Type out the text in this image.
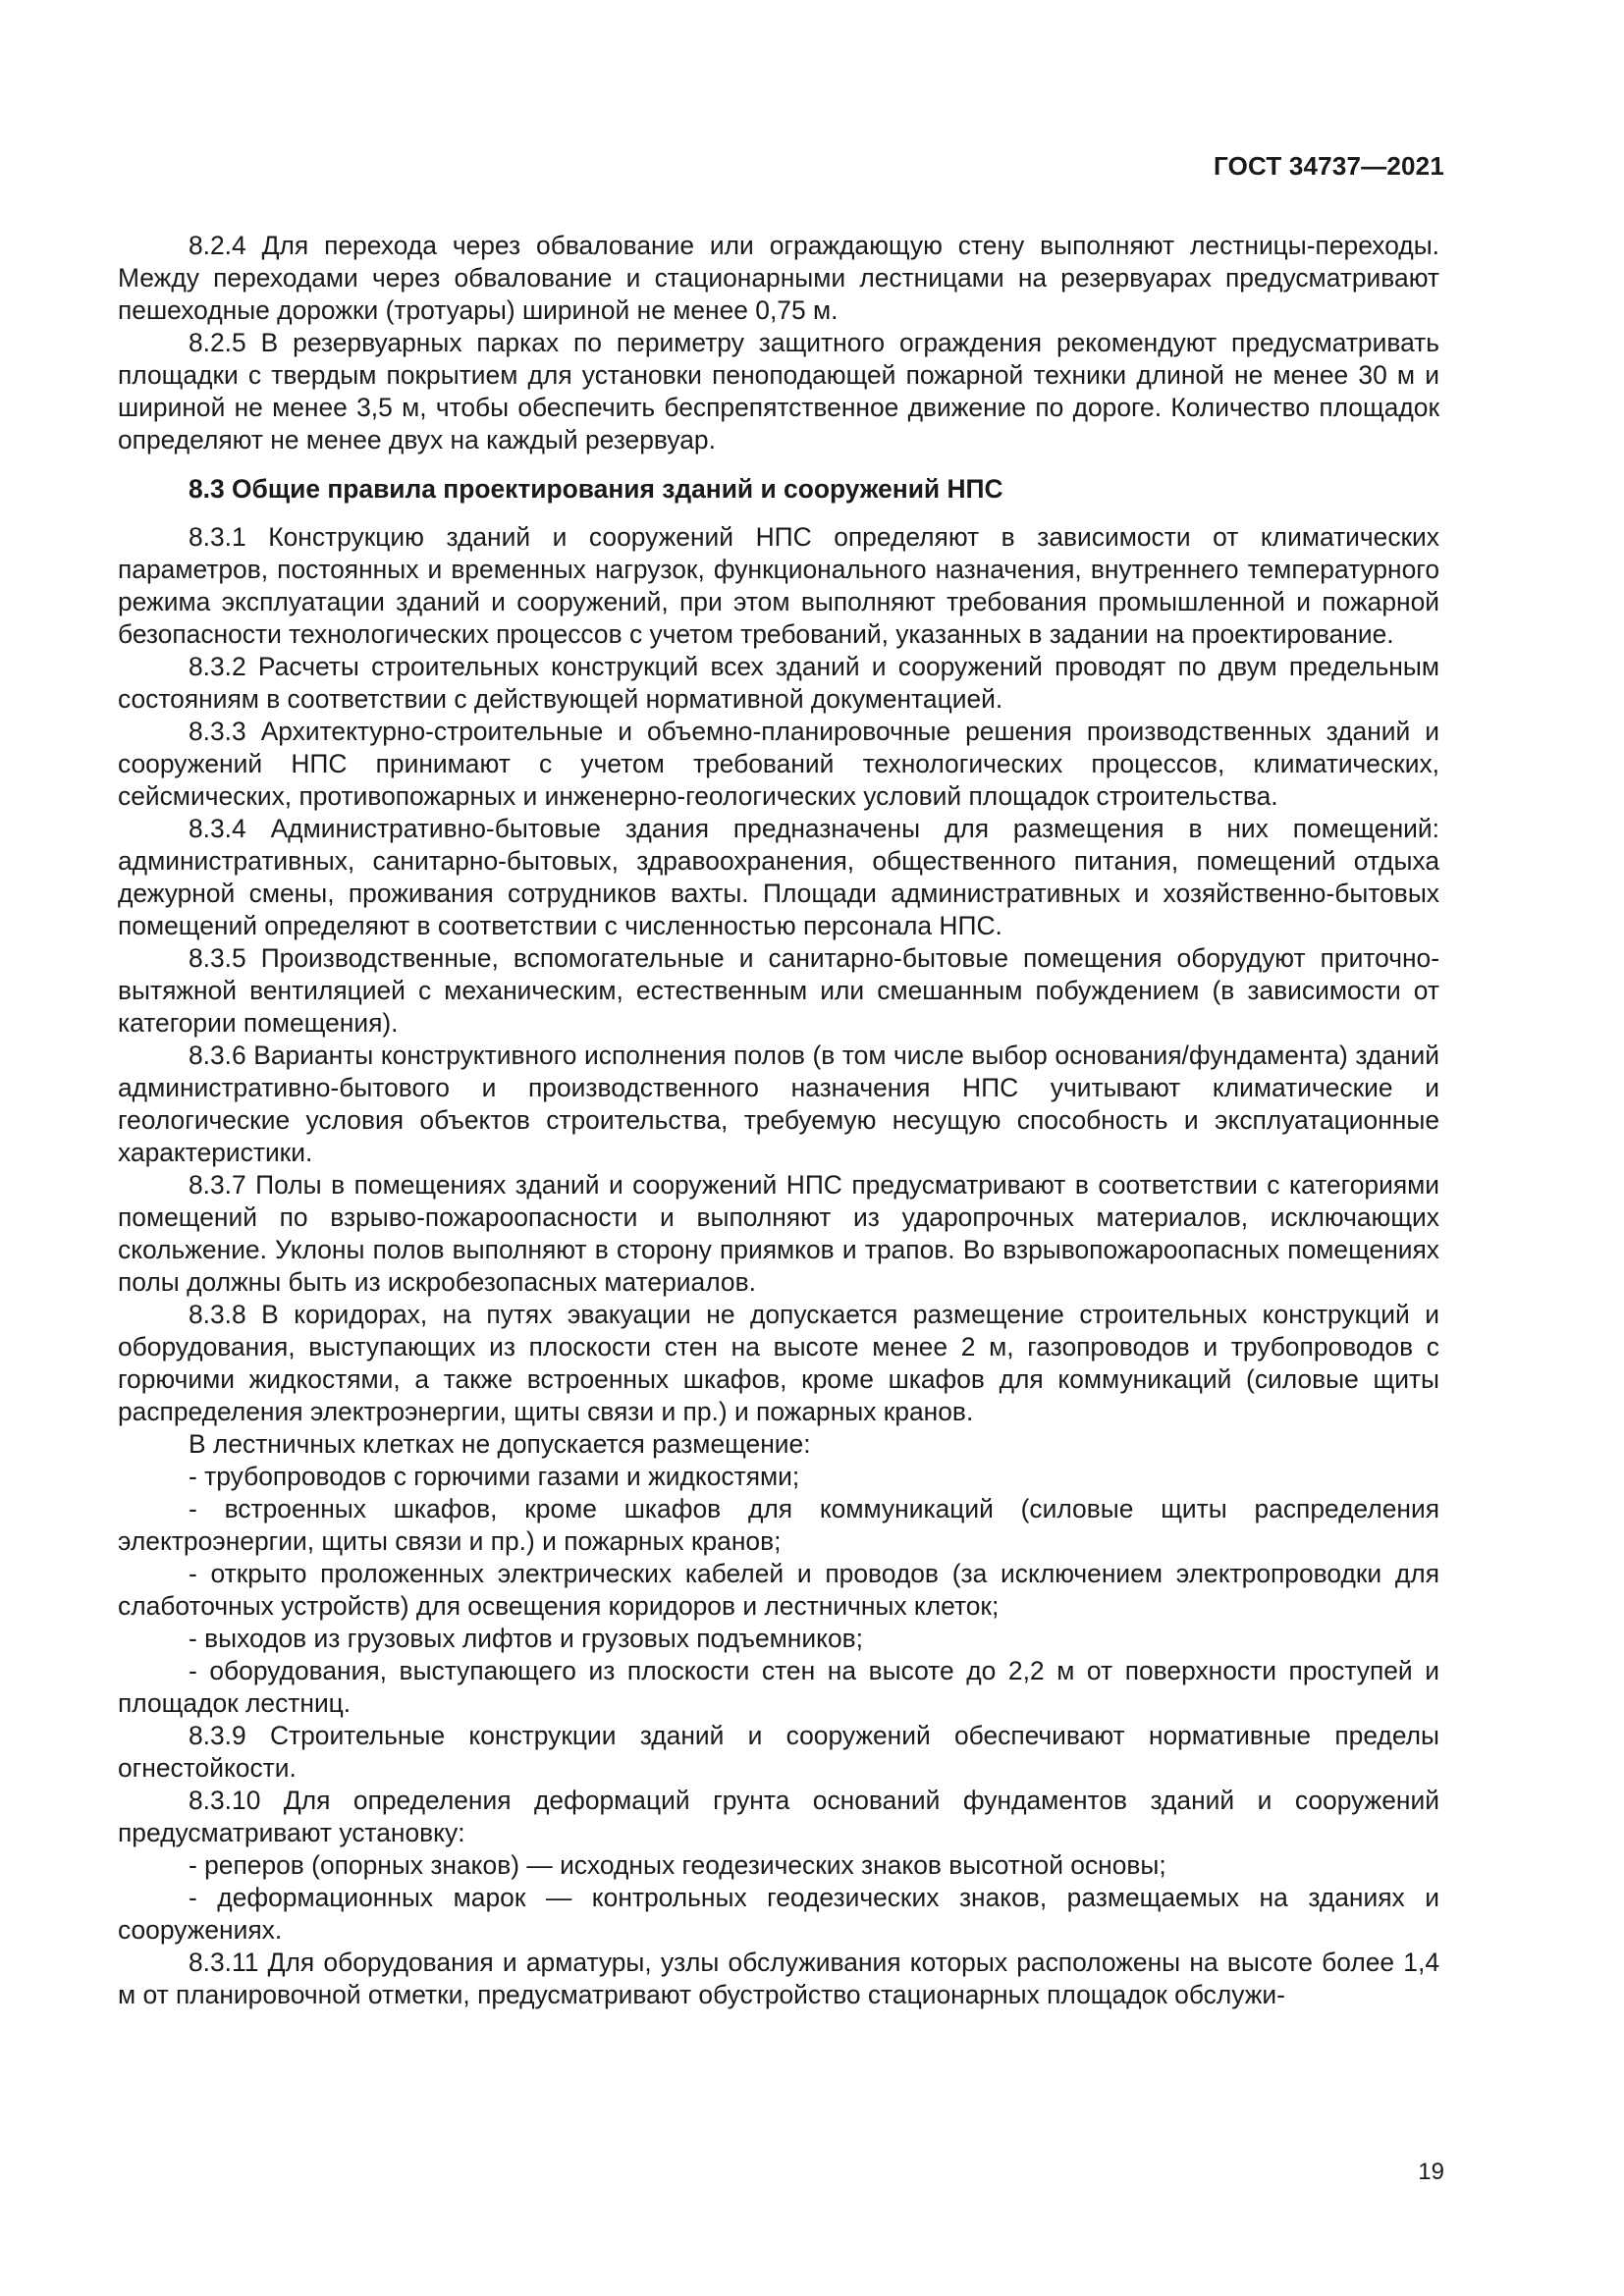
ГОСТ 34737—2021

8.2.4 Для перехода через обвалование или ограждающую стену выполняют лестницы-переходы. Между переходами через обвалование и стационарными лестницами на резервуарах предусматривают пешеходные дорожки (тротуары) шириной не менее 0,75 м.

8.2.5 В резервуарных парках по периметру защитного ограждения рекомендуют предусматривать площадки с твердым покрытием для установки пеноподающей пожарной техники длиной не менее 30 м и шириной не менее 3,5 м, чтобы обеспечить беспрепятственное движение по дороге. Количество площадок определяют не менее двух на каждый резервуар.

8.3 Общие правила проектирования зданий и сооружений НПС

8.3.1 Конструкцию зданий и сооружений НПС определяют в зависимости от климатических параметров, постоянных и временных нагрузок, функционального назначения, внутреннего температурного режима эксплуатации зданий и сооружений, при этом выполняют требования промышленной и пожарной безопасности технологических процессов с учетом требований, указанных в задании на проектирование.

8.3.2 Расчеты строительных конструкций всех зданий и сооружений проводят по двум предельным состояниям в соответствии с действующей нормативной документацией.

8.3.3 Архитектурно-строительные и объемно-планировочные решения производственных зданий и сооружений НПС принимают с учетом требований технологических процессов, климатических, сейсмических, противопожарных и инженерно-геологических условий площадок строительства.

8.3.4 Административно-бытовые здания предназначены для размещения в них помещений: административных, санитарно-бытовых, здравоохранения, общественного питания, помещений отдыха дежурной смены, проживания сотрудников вахты. Площади административных и хозяйственно-бытовых помещений определяют в соответствии с численностью персонала НПС.

8.3.5 Производственные, вспомогательные и санитарно-бытовые помещения оборудуют приточно-вытяжной вентиляцией с механическим, естественным или смешанным побуждением (в зависимости от категории помещения).

8.3.6 Варианты конструктивного исполнения полов (в том числе выбор основания/фундамента) зданий административно-бытового и производственного назначения НПС учитывают климатические и геологические условия объектов строительства, требуемую несущую способность и эксплуатационные характеристики.

8.3.7 Полы в помещениях зданий и сооружений НПС предусматривают в соответствии с категориями помещений по взрыво-пожароопасности и выполняют из ударопрочных материалов, исключающих скольжение. Уклоны полов выполняют в сторону приямков и трапов. Во взрывопожароопасных помещениях полы должны быть из искробезопасных материалов.

8.3.8 В коридорах, на путях эвакуации не допускается размещение строительных конструкций и оборудования, выступающих из плоскости стен на высоте менее 2 м, газопроводов и трубопроводов с горючими жидкостями, а также встроенных шкафов, кроме шкафов для коммуникаций (силовые щиты распределения электроэнергии, щиты связи и пр.) и пожарных кранов.

В лестничных клетках не допускается размещение:

- трубопроводов с горючими газами и жидкостями;

- встроенных шкафов, кроме шкафов для коммуникаций (силовые щиты распределения электроэнергии, щиты связи и пр.) и пожарных кранов;

- открыто проложенных электрических кабелей и проводов (за исключением электропроводки для слаботочных устройств) для освещения коридоров и лестничных клеток;

- выходов из грузовых лифтов и грузовых подъемников;

- оборудования, выступающего из плоскости стен на высоте до 2,2 м от поверхности проступей и площадок лестниц.

8.3.9 Строительные конструкции зданий и сооружений обеспечивают нормативные пределы огнестойкости.

8.3.10 Для определения деформаций грунта оснований фундаментов зданий и сооружений предусматривают установку:

- реперов (опорных знаков) — исходных геодезических знаков высотной основы;

- деформационных марок — контрольных геодезических знаков, размещаемых на зданиях и сооружениях.

8.3.11 Для оборудования и арматуры, узлы обслуживания которых расположены на высоте более 1,4 м от планировочной отметки, предусматривают обустройство стационарных площадок обслужи-

19
